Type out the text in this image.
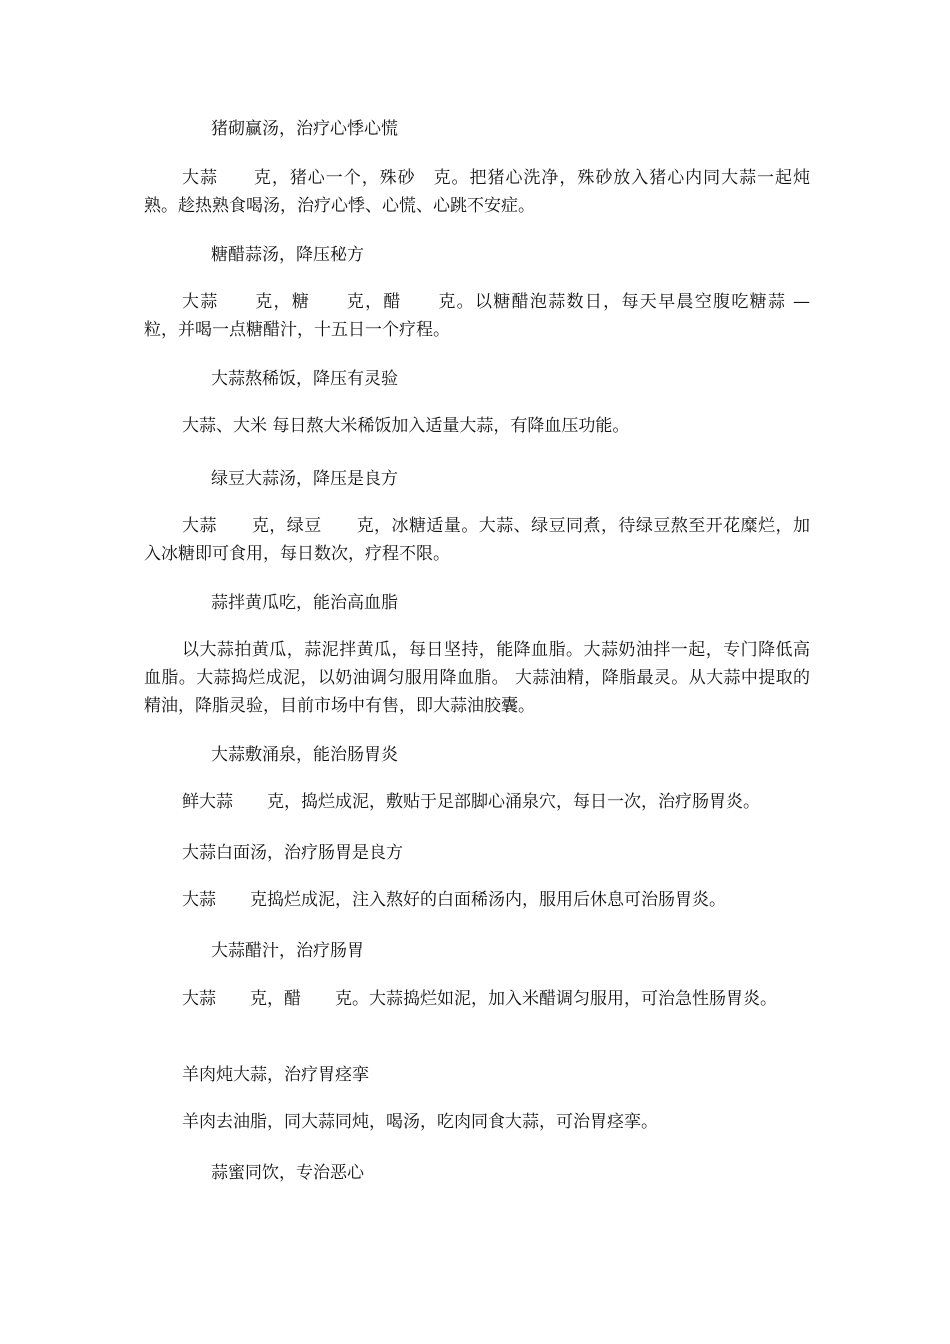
猪砌赢汤，治疗心悸心慌

大蒜　　克，猪心一个，殊砂　克。把猪心洗净，殊砂放入猪心内同大蒜一起炖熟。趁热熟食喝汤，治疗心悸、心慌、心跳不安症。

糖醋蒜汤，降压秘方

大蒜　　克，糖　　克，醋　　克。以糖醋泡蒜数日，每天早晨空腹吃糖蒜 —　粒，并喝一点糖醋汁，十五日一个疗程。

大蒜熬稀饭，降压有灵验

大蒜、大米 每日熬大米稀饭加入适量大蒜，有降血压功能。

绿豆大蒜汤，降压是良方

大蒜　　克，绿豆　　克，冰糖适量。大蒜、绿豆同煮，待绿豆熬至开花糜烂，加入冰糖即可食用，每日数次，疗程不限。

蒜拌黄瓜吃，能治高血脂

以大蒜拍黄瓜，蒜泥拌黄瓜，每日坚持，能降血脂。大蒜奶油拌一起，专门降低高血脂。大蒜捣烂成泥，以奶油调匀服用降血脂。 大蒜油精，降脂最灵。从大蒜中提取的精油，降脂灵验，目前市场中有售，即大蒜油胶囊。

大蒜敷涌泉，能治肠胃炎

鲜大蒜　　克，捣烂成泥，敷贴于足部脚心涌泉穴，每日一次，治疗肠胃炎。

大蒜白面汤，治疗肠胃是良方

大蒜　　克捣烂成泥，注入熬好的白面稀汤内，服用后休息可治肠胃炎。

大蒜醋汁，治疗肠胃

大蒜　　克，醋　　克。大蒜捣烂如泥，加入米醋调匀服用，可治急性肠胃炎。

羊肉炖大蒜，治疗胃痉挛

羊肉去油脂，同大蒜同炖，喝汤，吃肉同食大蒜，可治胃痉挛。

蒜蜜同饮，专治恶心
